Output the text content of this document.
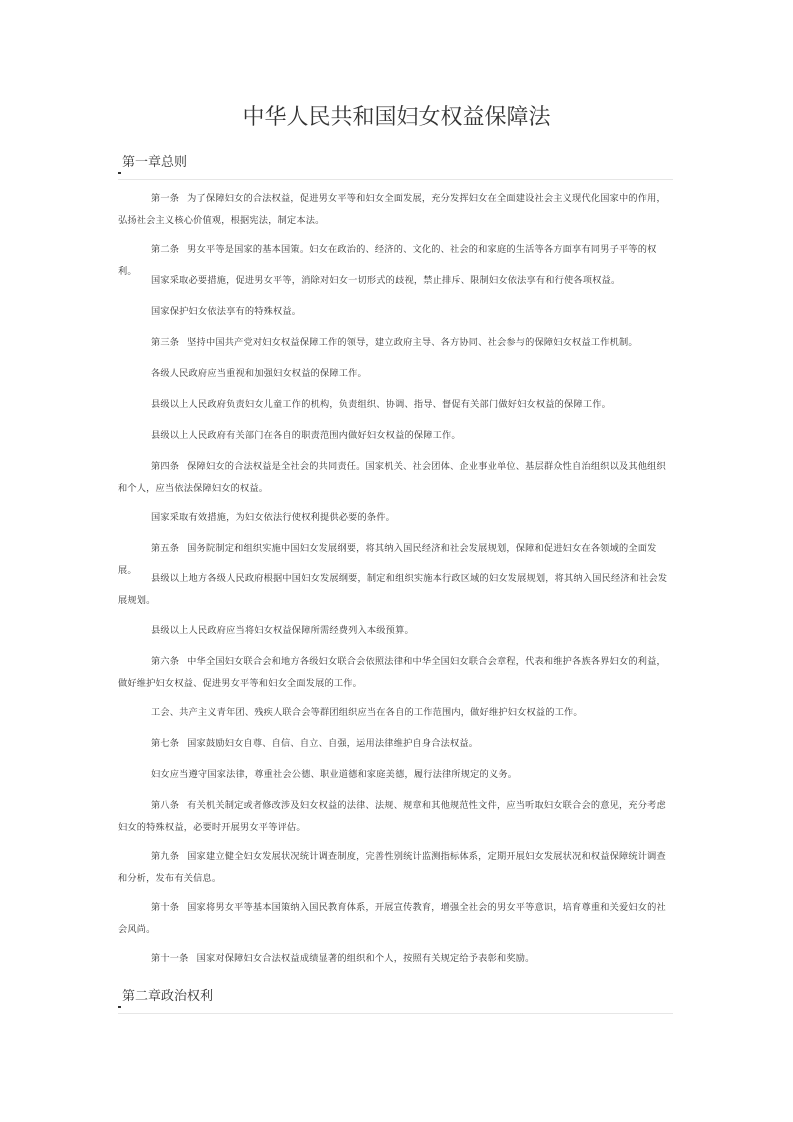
中华人民共和国妇女权益保障法
第一章总则

第一条 为了保障妇女的合法权益，促进男女平等和妇女全面发展，充分发挥妇女在全面建设社会主义现代化国家中的作用，弘扬社会主义核心价值观，根据宪法，制定本法。

第二条 男女平等是国家的基本国策。妇女在政治的、经济的、文化的、社会的和家庭的生活等各方面享有同男子平等的权利。

国家采取必要措施，促进男女平等，消除对妇女一切形式的歧视，禁止排斥、限制妇女依法享有和行使各项权益。

国家保护妇女依法享有的特殊权益。

第三条 坚持中国共产党对妇女权益保障工作的领导，建立政府主导、各方协同、社会参与的保障妇女权益工作机制。

各级人民政府应当重视和加强妇女权益的保障工作。

县级以上人民政府负责妇女儿童工作的机构，负责组织、协调、指导、督促有关部门做好妇女权益的保障工作。

县级以上人民政府有关部门在各自的职责范围内做好妇女权益的保障工作。

第四条 保障妇女的合法权益是全社会的共同责任。国家机关、社会团体、企业事业单位、基层群众性自治组织以及其他组织和个人，应当依法保障妇女的权益。

国家采取有效措施，为妇女依法行使权利提供必要的条件。

第五条 国务院制定和组织实施中国妇女发展纲要，将其纳入国民经济和社会发展规划，保障和促进妇女在各领域的全面发展。

县级以上地方各级人民政府根据中国妇女发展纲要，制定和组织实施本行政区域的妇女发展规划，将其纳入国民经济和社会发展规划。

县级以上人民政府应当将妇女权益保障所需经费列入本级预算。

第六条 中华全国妇女联合会和地方各级妇女联合会依照法律和中华全国妇女联合会章程，代表和维护各族各界妇女的利益，做好维护妇女权益、促进男女平等和妇女全面发展的工作。

工会、共产主义青年团、残疾人联合会等群团组织应当在各自的工作范围内，做好维护妇女权益的工作。

第七条 国家鼓励妇女自尊、自信、自立、自强，运用法律维护自身合法权益。

妇女应当遵守国家法律，尊重社会公德、职业道德和家庭美德，履行法律所规定的义务。

第八条 有关机关制定或者修改涉及妇女权益的法律、法规、规章和其他规范性文件，应当听取妇女联合会的意见，充分考虑妇女的特殊权益，必要时开展男女平等评估。

第九条 国家建立健全妇女发展状况统计调查制度，完善性别统计监测指标体系，定期开展妇女发展状况和权益保障统计调查和分析，发布有关信息。

第十条 国家将男女平等基本国策纳入国民教育体系，开展宣传教育，增强全社会的男女平等意识，培育尊重和关爱妇女的社会风尚。

第十一条 国家对保障妇女合法权益成绩显著的组织和个人，按照有关规定给予表彰和奖励。

第二章政治权利
